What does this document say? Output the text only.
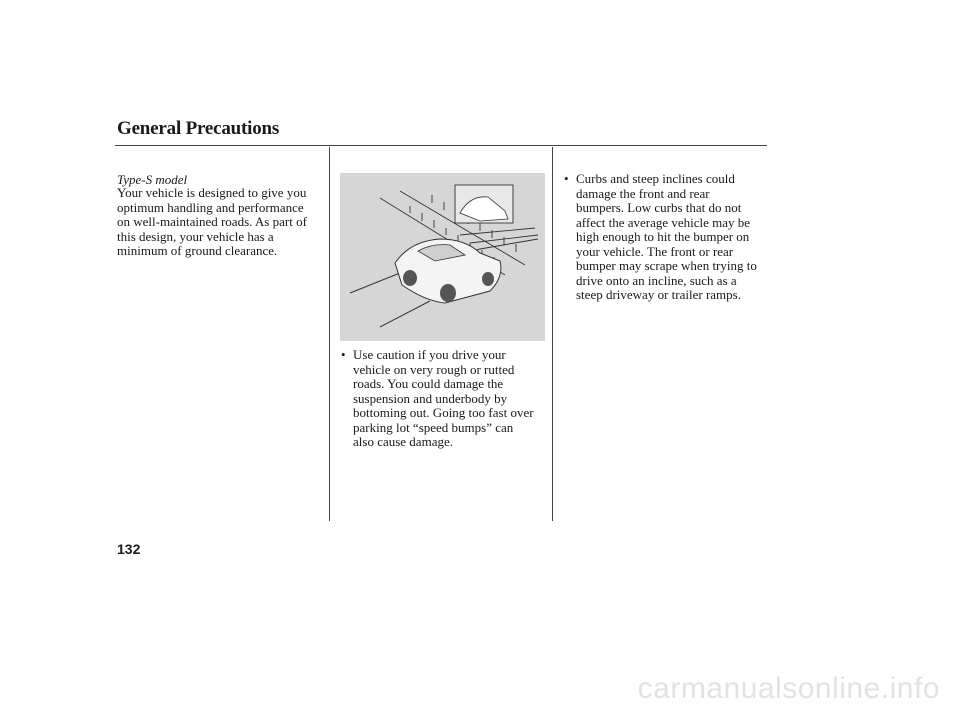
General Precautions
Type-S model
Your vehicle is designed to give you
optimum handling and performance
on well-maintained roads. As part of
this design, your vehicle has a
minimum of ground clearance.
• Use caution if you drive your
vehicle on very rough or rutted
roads. You could damage the
suspension and underbody by
bottoming out. Going too fast over
parking lot “speed bumps” can
also cause damage.
• Curbs and steep inclines could
damage the front and rear
bumpers. Low curbs that do not
affect the average vehicle may be
high enough to hit the bumper on
your vehicle. The front or rear
bumper may scrape when trying to
drive onto an incline, such as a
steep driveway or trailer ramps.
132
carmanualsonline.info
